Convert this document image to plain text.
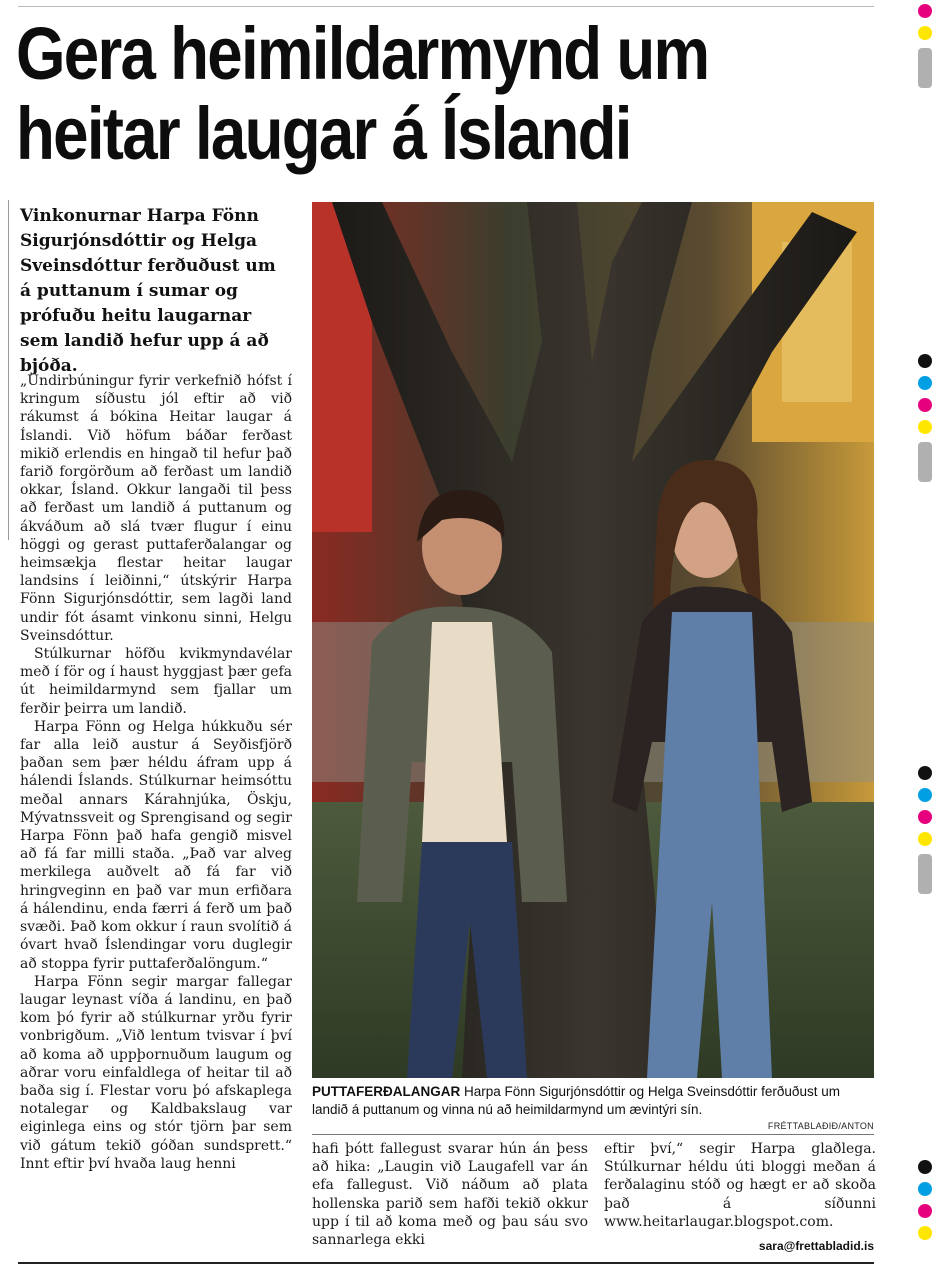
Gera heimildarmynd um
heitar laugar á Íslandi
Vinkonurnar Harpa Fönn Sigurjónsdóttir og Helga Sveinsdóttur ferðuðust um á puttanum í sumar og prófuðu heitu laugarnar sem landið hefur upp á að bjóða.

„Undirbúningur fyrir verkefnið hófst í kringum síðustu jól eftir að við rákumst á bókina Heitar laugar á Íslandi. Við höfum báðar ferðast mikið erlendis en hingað til hefur það farið forgörðum að ferðast um landið okkar, Ísland. Okkur langaði til þess að ferðast um landið á puttanum og ákváðum að slá tvær flugur í einu höggi og gerast puttaferðalangar og heimsækja flestar heitar laugar landsins í leiðinni,“ útskýrir Harpa Fönn Sigurjónsdóttir, sem lagði land undir fót ásamt vinkonu sinni, Helgu Sveinsdóttur.

Stúlkurnar höfðu kvikmyndavélar með í för og í haust hyggjast þær gefa út heimildarmynd sem fjallar um ferðir þeirra um landið.

Harpa Fönn og Helga húkkuðu sér far alla leið austur á Seyðisfjörð þaðan sem þær héldu áfram upp á hálendi Íslands. Stúlkurnar heimsóttu meðal annars Kárahnjúka, Öskju, Mývatnssveit og Sprengisand og segir Harpa Fönn það hafa gengið misvel að fá far milli staða. „Það var alveg merkilega auðvelt að fá far við hringveginn en það var mun erfiðara á hálendinu, enda færri á ferð um það svæði. Það kom okkur í raun svolítið á óvart hvað Íslendingar voru duglegir að stoppa fyrir puttaferðalöngum.“

Harpa Fönn segir margar fallegar laugar leynast víða á landinu, en það kom þó fyrir að stúlkurnar yrðu fyrir vonbrigðum. „Við lentum tvisvar í því að koma að uppþornuðum laugum og aðrar voru einfaldlega of heitar til að baða sig í. Flestar voru þó afskaplega notalegar og Kaldbakslaug var eiginlega eins og stór tjörn þar sem við gátum tekið góðan sundsprett.“ Innt eftir því hvaða laug henni

PUTTAFERÐALANGAR Harpa Fönn Sigurjónsdóttir og Helga Sveinsdóttir ferðuðust um landið á puttanum og vinna nú að heimildarmynd um ævintýri sín.
FRÉTTABLAÐIÐ/ANTON
hafi þótt fallegust svarar hún án þess að hika: „Laugin við Laugafell var án efa fallegust. Við náðum að plata hollenska parið sem hafði tekið okkur upp í til að koma með og þau sáu svo sannarlega ekki
eftir því,“ segir Harpa glaðlega. Stúlkurnar héldu úti bloggi meðan á ferðalaginu stóð og hægt er að skoða það á síðunni www.heitarlaugar.blogspot.com.
sara@frettabladid.is
